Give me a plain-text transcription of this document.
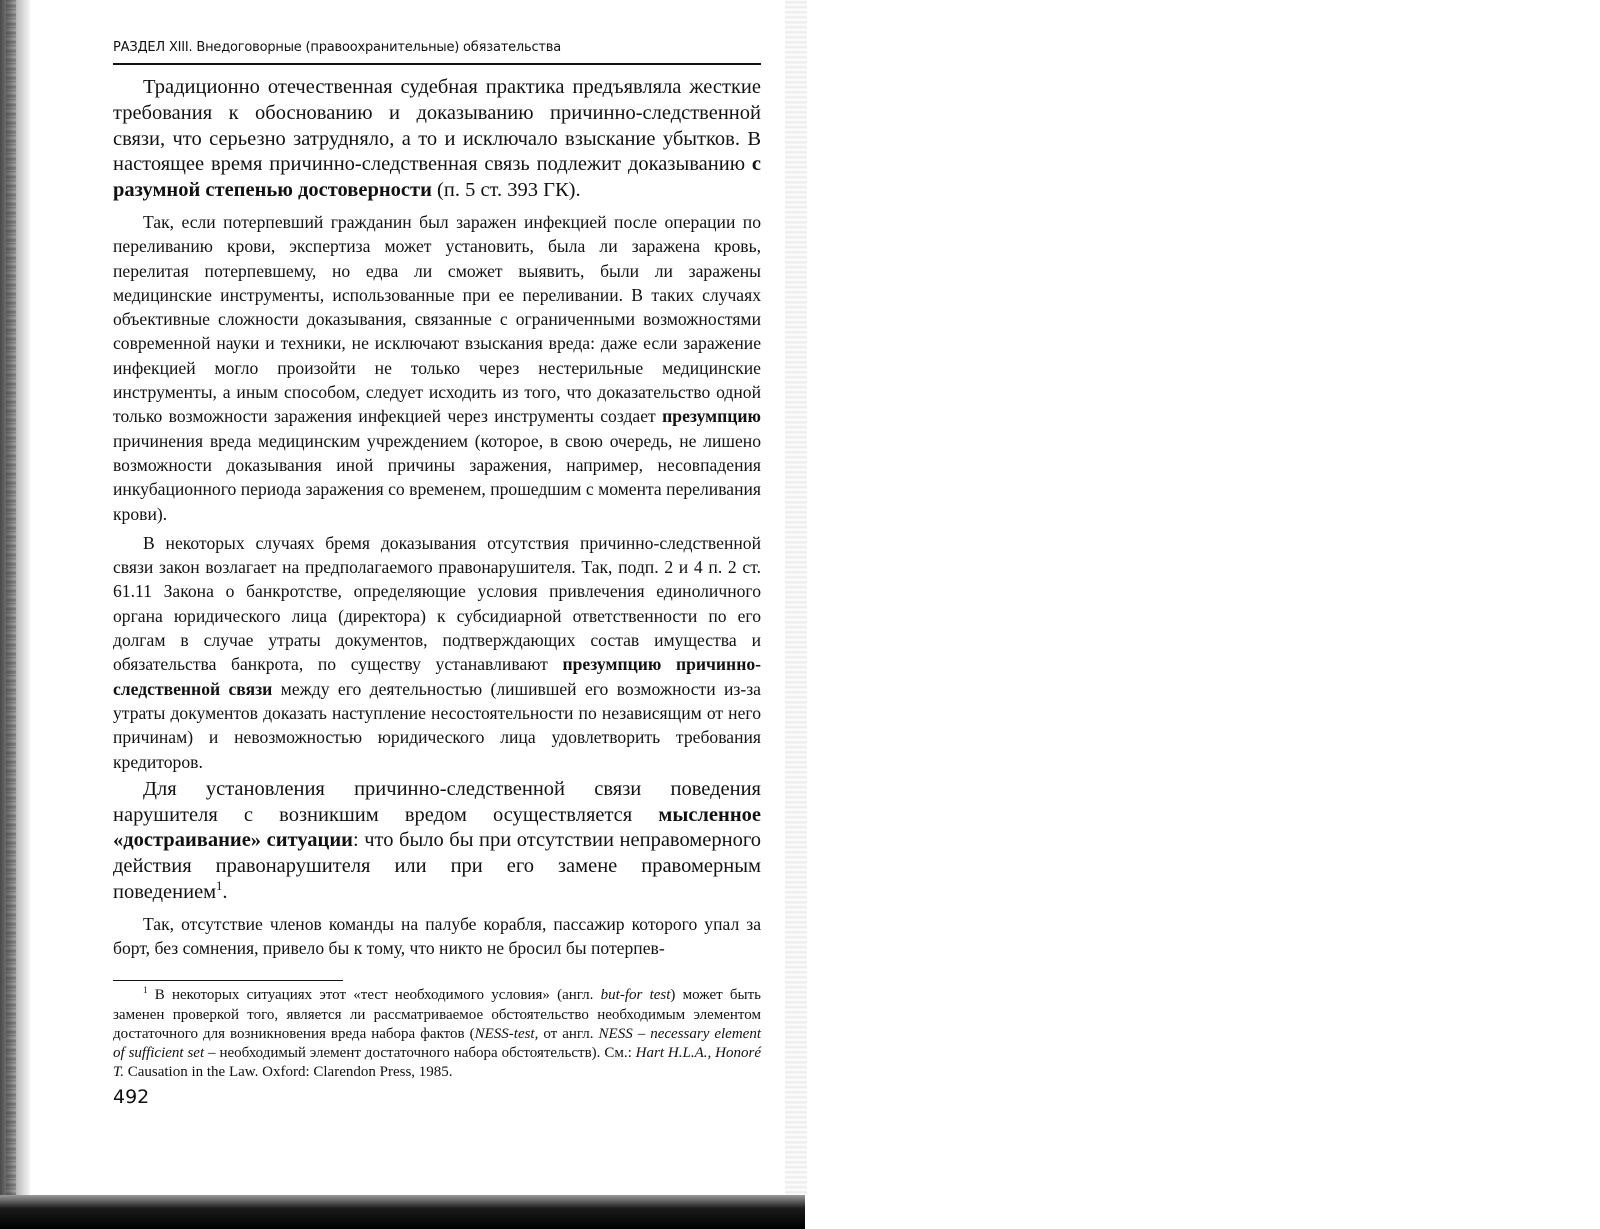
РАЗДЕЛ XIII. Внедоговорные (правоохранительные) обязательства

Традиционно отечественная судебная практика предъявляла жесткие требования к обоснованию и доказыванию причинно-следственной связи, что серьезно затрудняло, а то и исключало взыскание убытков. В настоящее время причинно-следственная связь подлежит доказыванию с разумной степенью достоверности (п. 5 ст. 393 ГК).

Так, если потерпевший гражданин был заражен инфекцией после операции по переливанию крови, экспертиза может установить, была ли заражена кровь, перелитая потерпевшему, но едва ли сможет выявить, были ли заражены медицинские инструменты, использованные при ее переливании. В таких случаях объективные сложности доказывания, связанные с ограниченными возможностями современной науки и техники, не исключают взыскания вреда: даже если заражение инфекцией могло произойти не только через нестерильные медицинские инструменты, а иным способом, следует исходить из того, что доказательство одной только возможности заражения инфекцией через инструменты создает презумпцию причинения вреда медицинским учреждением (которое, в свою очередь, не лишено возможности доказывания иной причины заражения, например, несовпадения инкубационного периода заражения со временем, прошедшим с момента переливания крови).

В некоторых случаях бремя доказывания отсутствия причинно-следственной связи закон возлагает на предполагаемого правонарушителя. Так, подп. 2 и 4 п. 2 ст. 61.11 Закона о банкротстве, определяющие условия привлечения единоличного органа юридического лица (директора) к субсидиарной ответственности по его долгам в случае утраты документов, подтверждающих состав имущества и обязательства банкрота, по существу устанавливают презумпцию причинно-следственной связи между его деятельностью (лишившей его возможности из-за утраты документов доказать наступление несостоятельности по независящим от него причинам) и невозможностью юридического лица удовлетворить требования кредиторов.

Для установления причинно-следственной связи поведения нарушителя с возникшим вредом осуществляется мысленное «достраивание» ситуации: что было бы при отсутствии неправомерного действия правонарушителя или при его замене правомерным поведением$^1$.

Так, отсутствие членов команды на палубе корабля, пассажир которого упал за борт, без сомнения, привело бы к тому, что никто не бросил бы потерпев-

$^1$ В некоторых ситуациях этот «тест необходимого условия» (англ. but-for test) может быть заменен проверкой того, является ли рассматриваемое обстоятельство необходимым элементом достаточного для возникновения вреда набора фактов (NESS-test, от англ. NESS – necessary element of sufficient set – необходимый элемент достаточного набора обстоятельств). См.: Hart H.L.A., Honoré T. Causation in the Law. Oxford: Clarendon Press, 1985.

492
